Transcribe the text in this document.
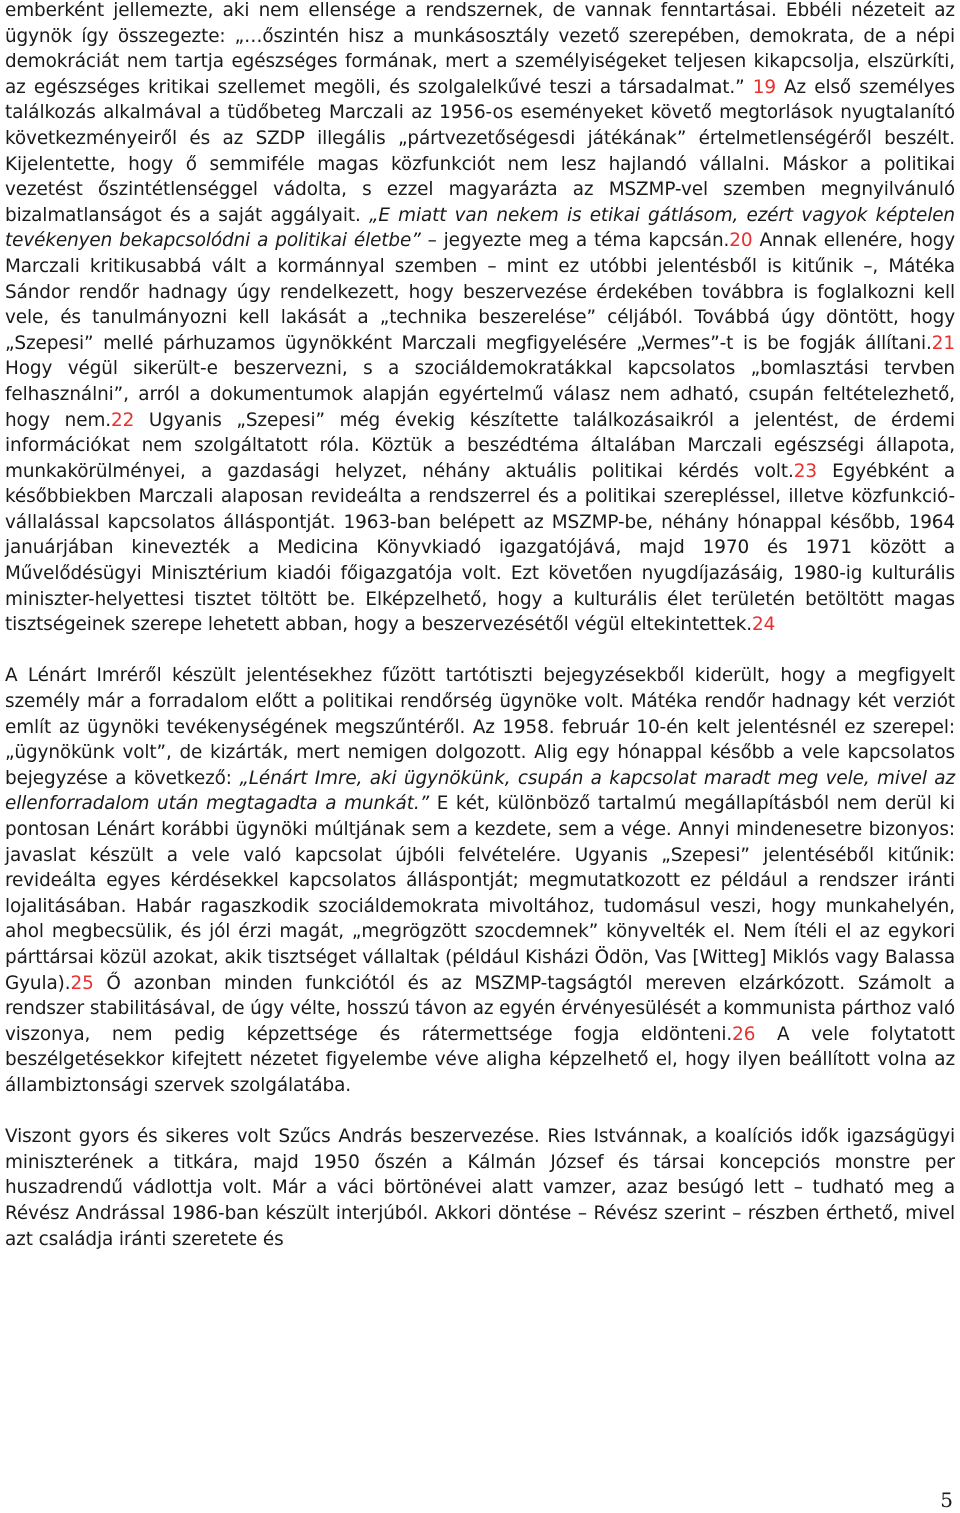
emberként jellemezte, aki nem ellensége a rendszernek, de vannak fenntartásai. Ebbéli nézeteit az ügynök így összegezte: „…őszintén hisz a munkásosztály vezető szerepében, demokrata, de a népi demokráciát nem tartja egészséges formának, mert a személyiségeket teljesen kikapcsolja, elszürkíti, az egészséges kritikai szellemet megöli, és szolgalelkűvé teszi a társadalmat.” 19 Az első személyes találkozás alkalmával a tüdőbeteg Marczali az 1956-os eseményeket követő megtorlások nyugtalanító következményeiről és az SZDP illegális „pártvezetőségesdi játékának” értelmetlenségéről beszélt. Kijelentette, hogy ő semmiféle magas közfunkciót nem lesz hajlandó vállalni. Máskor a politikai vezetést őszintétlenséggel vádolta, s ezzel magyarázta az MSZMP-vel szemben megnyilvánuló bizalmatlanságot és a saját aggályait. „E miatt van nekem is etikai gátlásom, ezért vagyok képtelen tevékenyen bekapcsolódni a politikai életbe” – jegyezte meg a téma kapcsán.20 Annak ellenére, hogy Marczali kritikusabbá vált a kormánnyal szemben – mint ez utóbbi jelentésből is kitűnik –, Mátéka Sándor rendőr hadnagy úgy rendelkezett, hogy beszervezése érdekében továbbra is foglalkozni kell vele, és tanulmányozni kell lakását a „technika beszerelése” céljából. Továbbá úgy döntött, hogy „Szepesi” mellé párhuzamos ügynökként Marczali megfigyelésére „Vermes”-t is be fogják állítani.21 Hogy végül sikerült-e beszervezni, s a szociáldemokratákkal kapcsolatos „bomlasztási tervben felhasználni”, arról a dokumentumok alapján egyértelmű válasz nem adható, csupán feltételezhető, hogy nem.22 Ugyanis „Szepesi” még évekig készítette találkozásaikról a jelentést, de érdemi információkat nem szolgáltatott róla. Köztük a beszédtéma általában Marczali egészségi állapota, munkakörülményei, a gazdasági helyzet, néhány aktuális politikai kérdés volt.23 Egyébként a későbbiekben Marczali alaposan revideálta a rendszerrel és a politikai szerepléssel, illetve közfunkció-vállalással kapcsolatos álláspontját. 1963-ban belépett az MSZMP-be, néhány hónappal később, 1964 januárjában kinevezték a Medicina Könyvkiadó igazgatójává, majd 1970 és 1971 között a Művelődésügyi Minisztérium kiadói főigazgatója volt. Ezt követően nyugdíjazásáig, 1980-ig kulturális miniszter-helyettesi tisztet töltött be. Elképzelhető, hogy a kulturális élet területén betöltött magas tisztségeinek szerepe lehetett abban, hogy a beszervezésétől végül eltekintettek.24

A Lénárt Imréről készült jelentésekhez fűzött tartótiszti bejegyzésekből kiderült, hogy a megfigyelt személy már a forradalom előtt a politikai rendőrség ügynöke volt. Mátéka rendőr hadnagy két verziót említ az ügynöki tevékenységének megszűntéről. Az 1958. február 10-én kelt jelentésnél ez szerepel: „ügynökünk volt”, de kizárták, mert nemigen dolgozott. Alig egy hónappal később a vele kapcsolatos bejegyzése a következő: „Lénárt Imre, aki ügynökünk, csupán a kapcsolat maradt meg vele, mivel az ellenforradalom után megtagadta a munkát.” E két, különböző tartalmú megállapításból nem derül ki pontosan Lénárt korábbi ügynöki múltjának sem a kezdete, sem a vége. Annyi mindenesetre bizonyos: javaslat készült a vele való kapcsolat újbóli felvételére. Ugyanis „Szepesi” jelentéséből kitűnik: revideálta egyes kérdésekkel kapcsolatos álláspontját; megmutatkozott ez például a rendszer iránti lojalitásában. Habár ragaszkodik szociáldemokrata mivoltához, tudomásul veszi, hogy munkahelyén, ahol megbecsülik, és jól érzi magát, „megrögzött szocdemnek” könyvelték el. Nem ítéli el az egykori párttársai közül azokat, akik tisztséget vállaltak (például Kisházi Ödön, Vas [Witteg] Miklós vagy Balassa Gyula).25 Ő azonban minden funkciótól és az MSZMP-tagságtól mereven elzárkózott. Számolt a rendszer stabilitásával, de úgy vélte, hosszú távon az egyén érvényesülését a kommunista párthoz való viszonya, nem pedig képzettsége és rátermettsége fogja eldönteni.26 A vele folytatott beszélgetésekkor kifejtett nézetet figyelembe véve aligha képzelhető el, hogy ilyen beállított volna az állambiztonsági szervek szolgálatába.

Viszont gyors és sikeres volt Szűcs András beszervezése. Ries Istvánnak, a koalíciós idők igazságügyi miniszterének a titkára, majd 1950 őszén a Kálmán József és társai koncepciós monstre per huszadrendű vádlottja volt. Már a váci börtönévei alatt vamzer, azaz besúgó lett – tudható meg a Révész Andrással 1986-ban készült interjúból. Akkori döntése – Révész szerint – részben érthető, mivel azt családja iránti szeretete és

5
